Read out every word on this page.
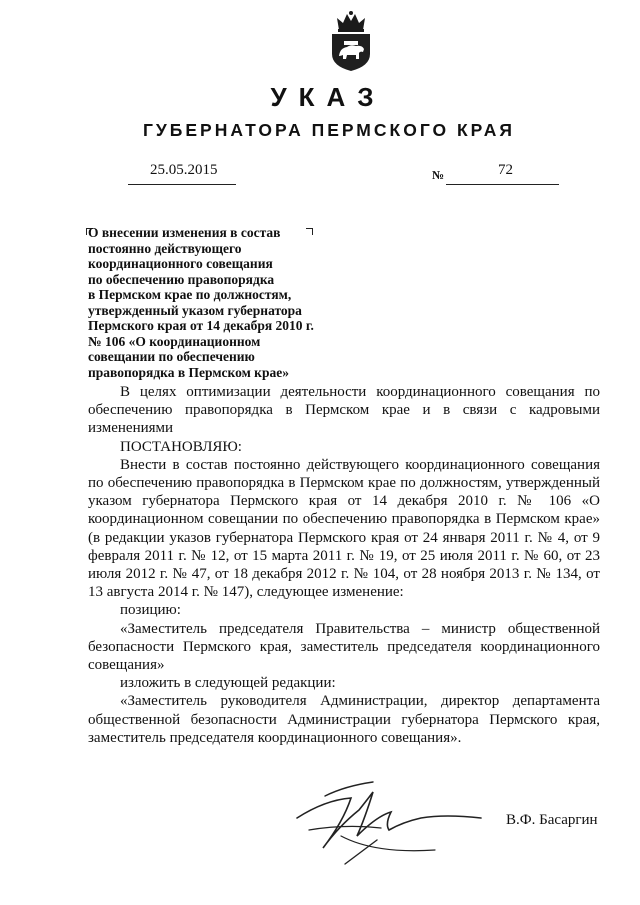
УКАЗ
ГУБЕРНАТОРА ПЕРМСКОГО КРАЯ
25.05.2015	№	72
О внесении изменения в состав
постоянно действующего
координационного совещания
по обеспечению правопорядка
в Пермском крае по должностям,
утвержденный указом губернатора
Пермского края от 14 декабря 2010 г.
№ 106 «О координационном
совещании по обеспечению
правопорядка в Пермском крае»

В целях оптимизации деятельности координационного совещания по обеспечению правопорядка в Пермском крае и в связи с кадровыми изменениями

ПОСТАНОВЛЯЮ:

Внести в состав постоянно действующего координационного совещания по обеспечению правопорядка в Пермском крае по должностям, утвержденный указом губернатора Пермского края от 14 декабря 2010 г. № 106 «О координационном совещании по обеспечению правопорядка в Пермском крае» (в редакции указов губернатора Пермского края от 24 января 2011 г. № 4, от 9 февраля 2011 г. № 12, от 15 марта 2011 г. № 19, от 25 июля 2011 г. № 60, от 23 июля 2012 г. № 47, от 18 декабря 2012 г. № 104, от 28 ноября 2013 г. № 134, от 13 августа 2014 г. № 147), следующее изменение:

позицию:

«Заместитель председателя Правительства – министр общественной безопасности Пермского края, заместитель председателя координационного совещания»

изложить в следующей редакции:

«Заместитель руководителя Администрации, директор департамента общественной безопасности Администрации губернатора Пермского края, заместитель председателя координационного совещания».

В.Ф. Басаргин
